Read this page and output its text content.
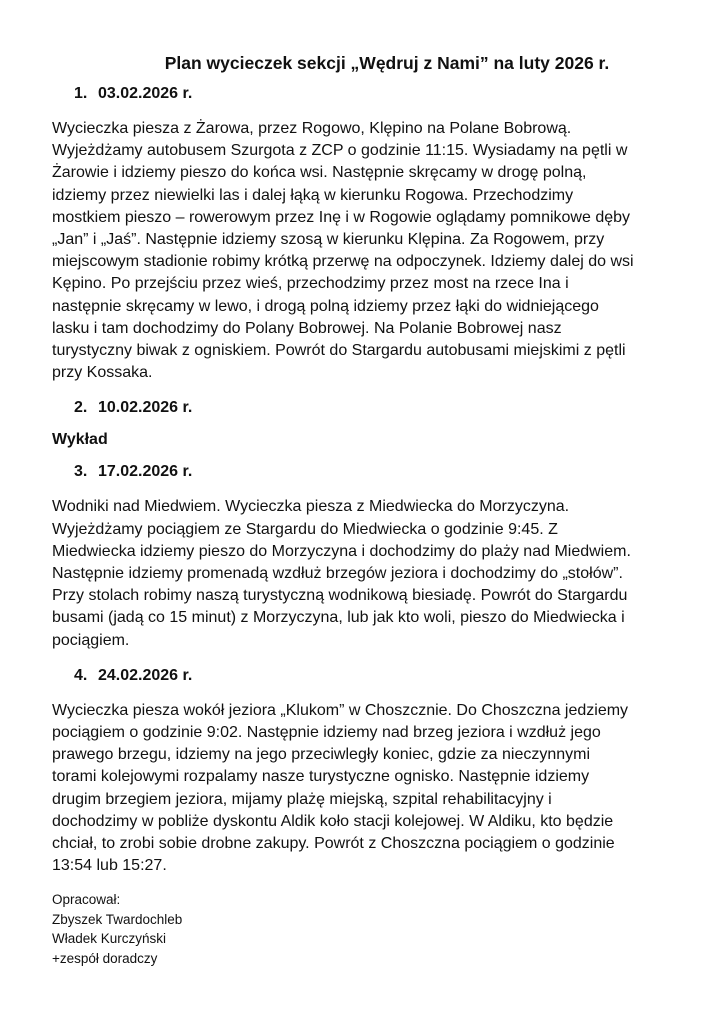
Plan wycieczek sekcji „Wędruj z Nami” na luty 2026 r.
1. 03.02.2026 r.
Wycieczka piesza z Żarowa, przez Rogowo, Klępino na Polane Bobrową.
Wyjeżdżamy autobusem Szurgota z ZCP o godzinie 11:15. Wysiadamy na pętli w
Żarowie i idziemy pieszo do końca wsi. Następnie skręcamy w drogę polną,
idziemy przez niewielki las i dalej łąką w kierunku Rogowa. Przechodzimy
mostkiem pieszo – rowerowym przez Inę i w Rogowie oglądamy pomnikowe dęby
„Jan” i „Jaś”. Następnie idziemy szosą w kierunku Klępina. Za Rogowem, przy
miejscowym stadionie robimy krótką przerwę na odpoczynek. Idziemy dalej do wsi
Kępino. Po przejściu przez wieś, przechodzimy przez most na rzece Ina i
następnie skręcamy w lewo, i drogą polną idziemy przez łąki do widniejącego
lasku i tam dochodzimy do Polany Bobrowej. Na Polanie Bobrowej nasz
turystyczny biwak z ogniskiem. Powrót do Stargardu autobusami miejskimi z pętli
przy Kossaka.
2. 10.02.2026 r.
Wykład
3. 17.02.2026 r.
Wodniki nad Miedwiem. Wycieczka piesza z Miedwiecka do Morzyczyna.
Wyjeżdżamy pociągiem ze Stargardu do Miedwiecka o godzinie 9:45. Z
Miedwiecka idziemy pieszo do Morzyczyna i dochodzimy do plaży nad Miedwiem.
Następnie idziemy promenadą wzdłuż brzegów jeziora i dochodzimy do „stołów”.
Przy stolach robimy naszą turystyczną wodnikową biesiadę. Powrót do Stargardu
busami (jadą co 15 minut) z Morzyczyna, lub jak kto woli, pieszo do Miedwiecka i
pociągiem.
4. 24.02.2026 r.
Wycieczka piesza wokół jeziora „Klukom” w Choszcznie. Do Choszczna jedziemy
pociągiem o godzinie 9:02. Następnie idziemy nad brzeg jeziora i wzdłuż jego
prawego brzegu, idziemy na jego przeciwległy koniec, gdzie za nieczynnymi
torami kolejowymi rozpalamy nasze turystyczne ognisko. Następnie idziemy
drugim brzegiem jeziora, mijamy plażę miejską, szpital rehabilitacyjny i
dochodzimy w pobliże dyskontu Aldik koło stacji kolejowej. W Aldiku, kto będzie
chciał, to zrobi sobie drobne zakupy. Powrót z Choszczna pociągiem o godzinie
13:54 lub 15:27.
Opracował:
Zbyszek Twardochleb
Władek Kurczyński
+zespół doradczy
